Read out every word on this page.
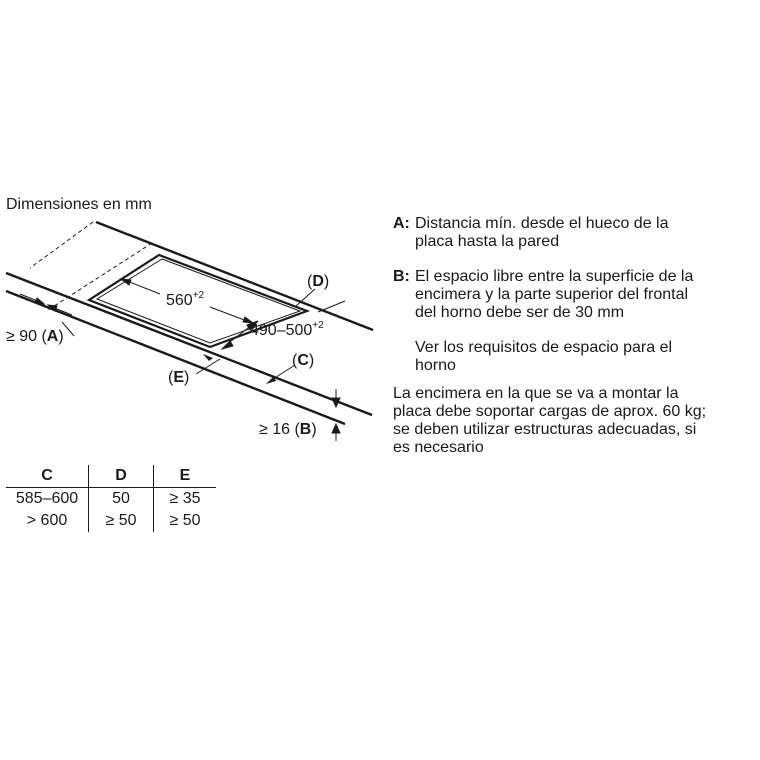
Dimensiones en mm
$560^{+2}$
$490-500^{+2}$
(D)
(C)
(E)
≥ 90 (A)
≥ 16 (B)
A: Distancia mín. desde el hueco de la
placa hasta la pared
B: El espacio libre entre la superficie de la
encimera y la parte superior del frontal
del horno debe ser de 30 mm

Ver los requisitos de espacio para el
horno

La encimera en la que se va a montar la
placa debe soportar cargas de aprox. 60 kg;
se deben utilizar estructuras adecuadas, si
es necesario

C	D	E
585–600	50	≥ 35
> 600	≥ 50	≥ 50
